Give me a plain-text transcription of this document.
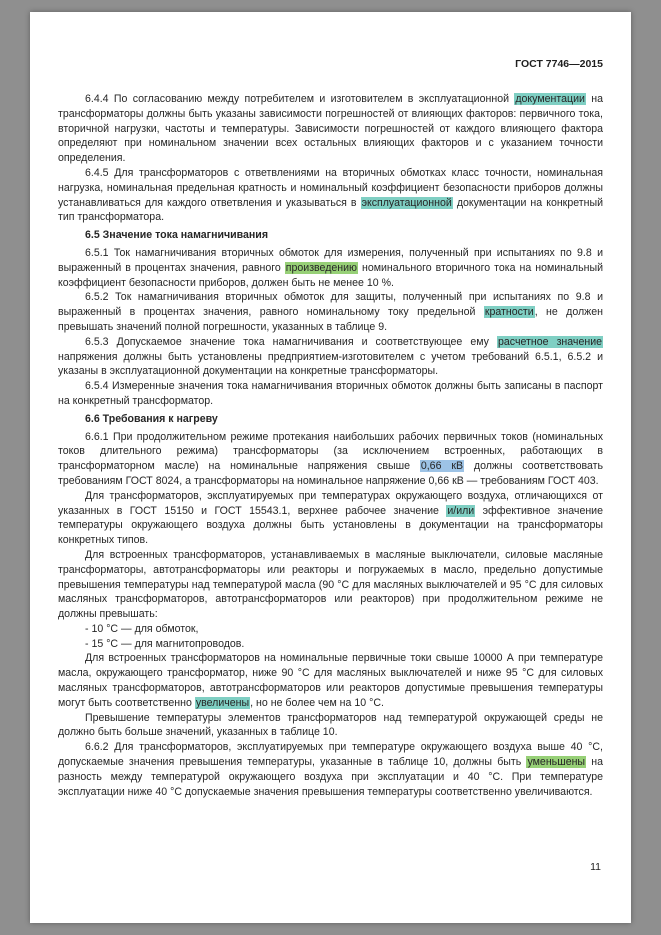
ГОСТ 7746—2015
6.4.4 По согласованию между потребителем и изготовителем в эксплуатационной документации на трансформаторы должны быть указаны зависимости погрешностей от влияющих факторов: первичного тока, вторичной нагрузки, частоты и температуры. Зависимости погрешностей от каждого влияющего фактора определяют при номинальном значении всех остальных влияющих факторов и с указанием точности определения.
6.4.5 Для трансформаторов с ответвлениями на вторичных обмотках класс точности, номинальная нагрузка, номинальная предельная кратность и номинальный коэффициент безопасности приборов должны устанавливаться для каждого ответвления и указываться в эксплуатационной документации на конкретный тип трансформатора.
6.5 Значение тока намагничивания
6.5.1 Ток намагничивания вторичных обмоток для измерения, полученный при испытаниях по 9.8 и выраженный в процентах значения, равного произведению номинального вторичного тока на номинальный коэффициент безопасности приборов, должен быть не менее 10 %.
6.5.2 Ток намагничивания вторичных обмоток для защиты, полученный при испытаниях по 9.8 и выраженный в процентах значения, равного номинальному току предельной кратности, не должен превышать значений полной погрешности, указанных в таблице 9.
6.5.3 Допускаемое значение тока намагничивания и соответствующее ему расчетное значение напряжения должны быть установлены предприятием-изготовителем с учетом требований 6.5.1, 6.5.2 и указаны в эксплуатационной документации на конкретные трансформаторы.
6.5.4 Измеренные значения тока намагничивания вторичных обмоток должны быть записаны в паспорт на конкретный трансформатор.
6.6 Требования к нагреву
6.6.1 При продолжительном режиме протекания наибольших рабочих первичных токов (номинальных токов длительного режима) трансформаторы (за исключением встроенных, работающих в трансформаторном масле) на номинальные напряжения свыше 0,66 кВ должны соответствовать требованиям ГОСТ 8024, а трансформаторы на номинальное напряжение 0,66 кВ — требованиям ГОСТ 403.
Для трансформаторов, эксплуатируемых при температурах окружающего воздуха, отличающихся от указанных в ГОСТ 15150 и ГОСТ 15543.1, верхнее рабочее значение и/или эффективное значение температуры окружающего воздуха должны быть установлены в документации на трансформаторы конкретных типов.
Для встроенных трансформаторов, устанавливаемых в масляные выключатели, силовые масляные трансформаторы, автотрансформаторы или реакторы и погружаемых в масло, предельно допустимые превышения температуры над температурой масла (90 °С для масляных выключателей и 95 °С для силовых масляных трансформаторов, автотрансформаторов или реакторов) при продолжительном режиме не должны превышать:
- 10 °С — для обмоток,
- 15 °С — для магнитопроводов.
Для встроенных трансформаторов на номинальные первичные токи свыше 10000 А при температуре масла, окружающего трансформатор, ниже 90 °С для масляных выключателей и ниже 95 °С для силовых масляных трансформаторов, автотрансформаторов или реакторов допустимые превышения температуры могут быть соответственно увеличены, но не более чем на 10 °С.
Превышение температуры элементов трансформаторов над температурой окружающей среды не должно быть больше значений, указанных в таблице 10.
6.6.2 Для трансформаторов, эксплуатируемых при температуре окружающего воздуха выше 40 °С, допускаемые значения превышения температуры, указанные в таблице 10, должны быть уменьшены на разность между температурой окружающего воздуха при эксплуатации и 40 °С. При температуре эксплуатации ниже 40 °С допускаемые значения превышения температуры соответственно увеличиваются.
11
